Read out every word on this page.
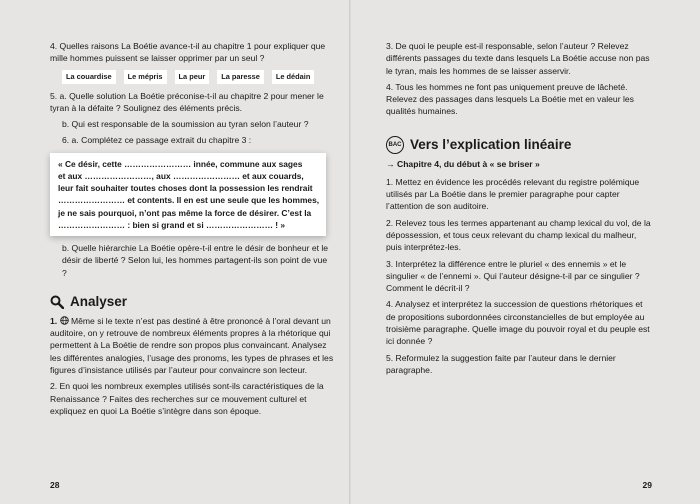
4. Quelles raisons La Boétie avance-t-il au chapitre 1 pour expliquer que mille hommes puissent se laisser opprimer par un seul ?

La couardise	Le mépris	La peur	La paresse	Le dédain

5. a. Quelle solution La Boétie préconise-t-il au chapitre 2 pour mener le tyran à la défaite ? Soulignez des éléments précis.

b. Qui est responsable de la soumission au tyran selon l’auteur ?

6. a. Complétez ce passage extrait du chapitre 3 :

« Ce désir, cette …………………… innée, commune aux sages

et aux ……………………, aux …………………… et aux couards,

leur fait souhaiter toutes choses dont la possession les rendrait

…………………… et contents. Il en est une seule que les hommes,

je ne sais pourquoi, n’ont pas même la force de désirer. C’est la

…………………… : bien si grand et si …………………… ! »

b. Quelle hiérarchie La Boétie opère-t-il entre le désir de bonheur et le désir de liberté ? Selon lui, les hommes partagent-ils son point de vue ?

Analyser

1. Même si le texte n’est pas destiné à être prononcé à l’oral devant un auditoire, on y retrouve de nombreux éléments propres à la rhétorique qui permettent à La Boétie de rendre son propos plus convaincant. Analysez les différentes analogies, l’usage des pronoms, les types de phrases et les figures d’insistance utilisés par l’auteur pour convaincre son lecteur.

2. En quoi les nombreux exemples utilisés sont-ils caractéristiques de la Renaissance ? Faites des recherches sur ce mouvement culturel et expliquez en quoi La Boétie s’intègre dans son époque.

28

3. De quoi le peuple est-il responsable, selon l’auteur ? Relevez différents passages du texte dans lesquels La Boétie accuse non pas le tyran, mais les hommes de se laisser asservir.

4. Tous les hommes ne font pas uniquement preuve de lâcheté. Relevez des passages dans lesquels La Boétie met en valeur les qualités humaines.

BAC Vers l’explication linéaire

→ Chapitre 4, du début à « se briser »

1. Mettez en évidence les procédés relevant du registre polémique utilisés par La Boétie dans le premier paragraphe pour capter l’attention de son auditoire.

2. Relevez tous les termes appartenant au champ lexical du vol, de la dépossession, et tous ceux relevant du champ lexical du malheur, puis interprétez-les.

3. Interprétez la différence entre le pluriel « des ennemis » et le singulier « de l’ennemi ». Qui l’auteur désigne-t-il par ce singulier ? Comment le décrit-il ?

4. Analysez et interprétez la succession de questions rhétoriques et de propositions subordonnées circonstancielles de but employée au troisième paragraphe. Quelle image du pouvoir royal et du peuple est ici donnée ?

5. Reformulez la suggestion faite par l’auteur dans le dernier paragraphe.

29
